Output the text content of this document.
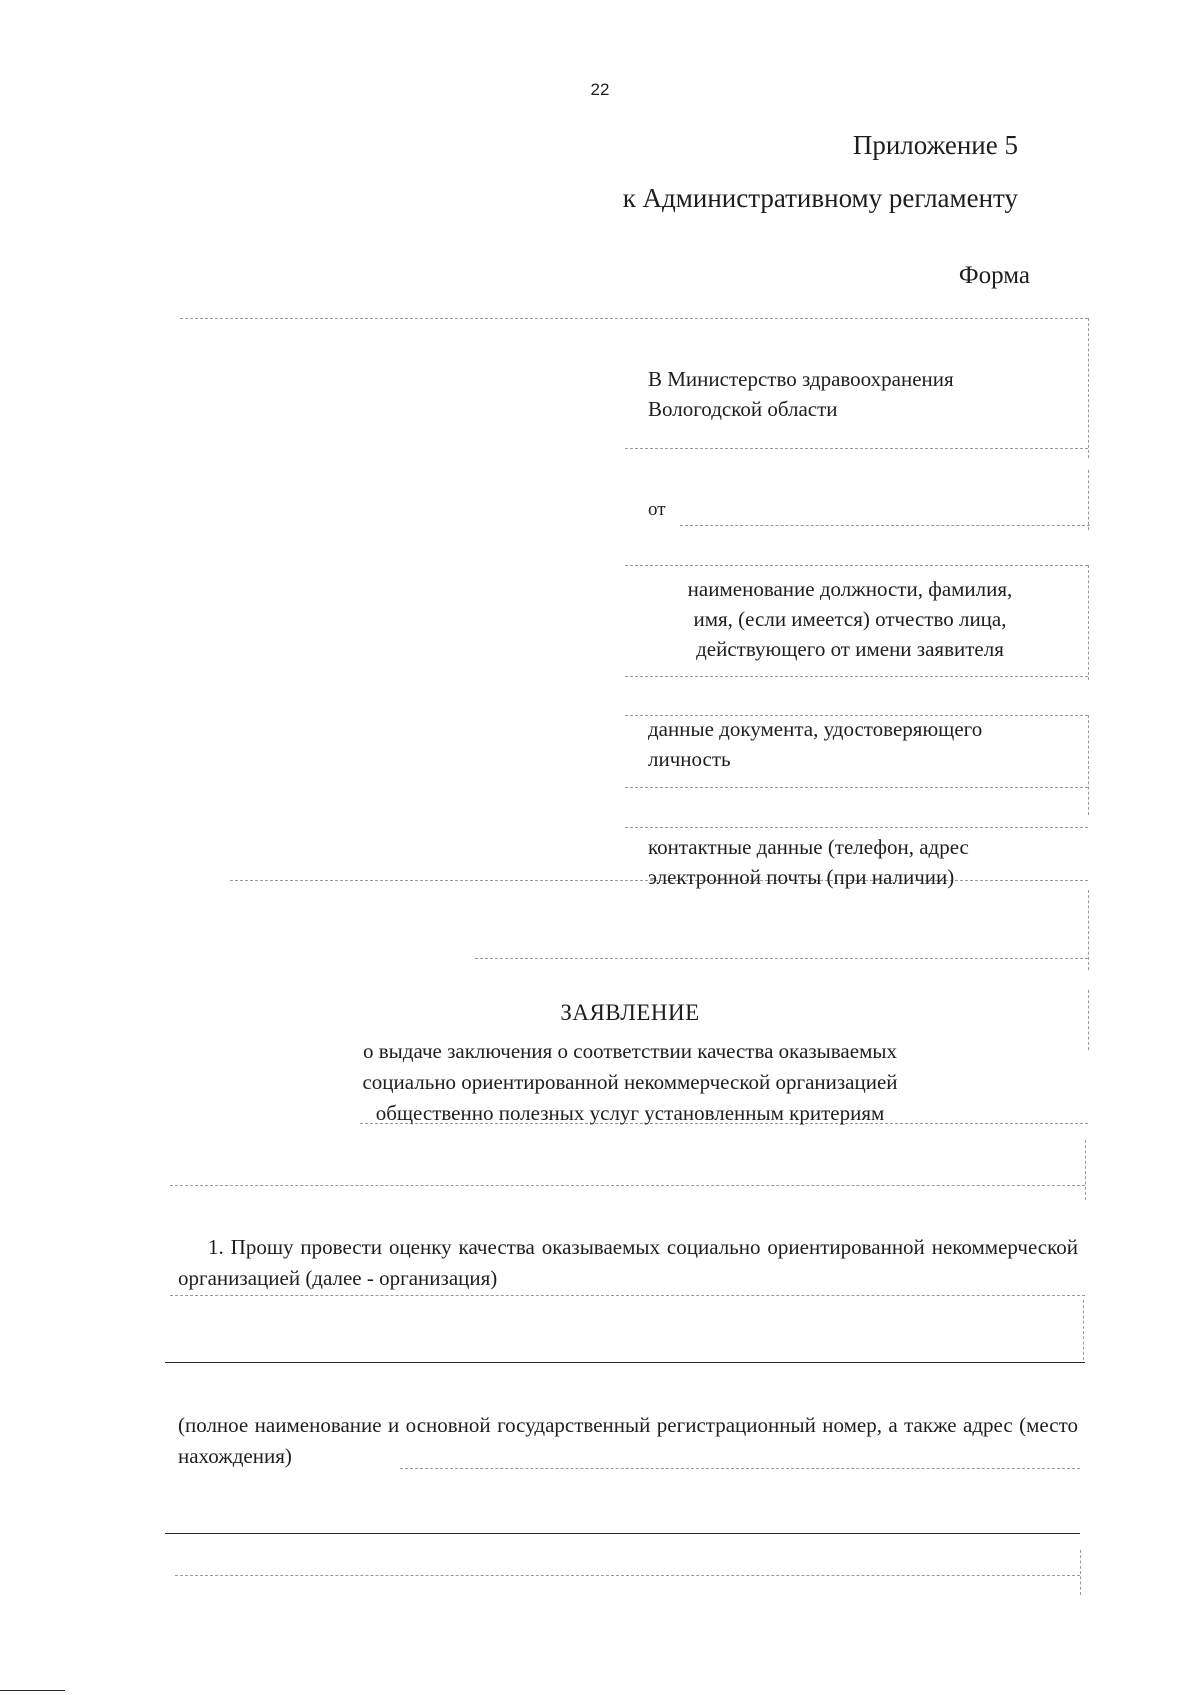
22
Приложение 5
к Административному регламенту
Форма
В Министерство здравоохранения
Вологодской области
от
наименование должности, фамилия,
имя, (если имеется) отчество лица,
действующего от имени заявителя
данные документа, удостоверяющего
личность
контактные данные (телефон, адрес
электронной почты (при наличии)
ЗАЯВЛЕНИЕ
о выдаче заключения о соответствии качества оказываемых
социально ориентированной некоммерческой организацией
общественно полезных услуг установленным критериям
1. Прошу провести оценку качества оказываемых социально ориентированной некоммерческой организацией (далее - организация)
(полное наименование и основной государственный регистрационный номер, а также адрес (место нахождения)
